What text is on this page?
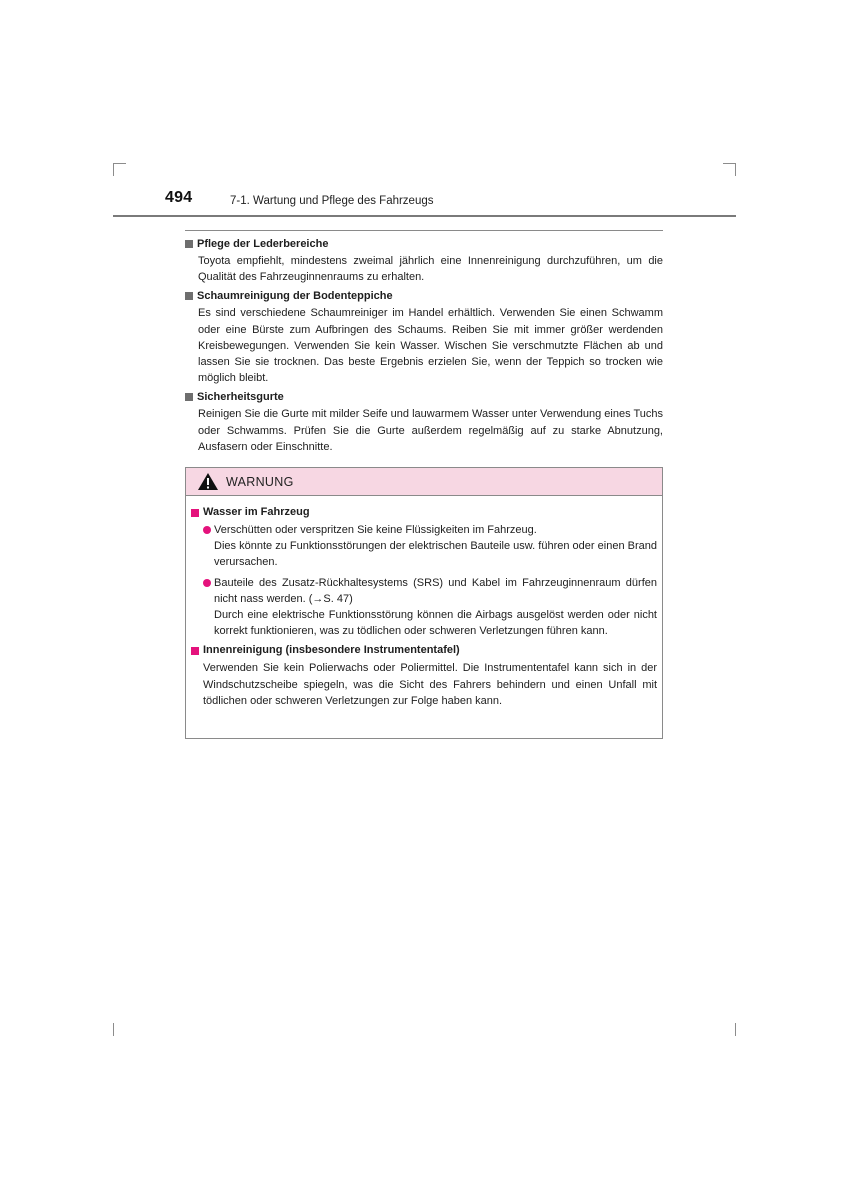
494	7-1. Wartung und Pflege des Fahrzeugs

Pflege der Lederbereiche

Toyota empfiehlt, mindestens zweimal jährlich eine Innenreinigung durchzuführen, um die Qualität des Fahrzeuginnenraums zu erhalten.

Schaumreinigung der Bodenteppiche

Es sind verschiedene Schaumreiniger im Handel erhältlich. Verwenden Sie einen Schwamm oder eine Bürste zum Aufbringen des Schaums. Reiben Sie mit immer größer werdenden Kreisbewegungen. Verwenden Sie kein Wasser. Wischen Sie verschmutzte Flächen ab und lassen Sie sie trocknen. Das beste Ergebnis erzielen Sie, wenn der Teppich so trocken wie möglich bleibt.

Sicherheitsgurte

Reinigen Sie die Gurte mit milder Seife und lauwarmem Wasser unter Verwendung eines Tuchs oder Schwamms. Prüfen Sie die Gurte außerdem regelmäßig auf zu starke Abnutzung, Ausfasern oder Einschnitte.

WARNUNG

Wasser im Fahrzeug

Verschütten oder verspritzen Sie keine Flüssigkeiten im Fahrzeug.

Dies könnte zu Funktionsstörungen der elektrischen Bauteile usw. führen oder einen Brand verursachen.

Bauteile des Zusatz-Rückhaltesystems (SRS) und Kabel im Fahrzeuginnenraum dürfen nicht nass werden. (→S. 47)

Durch eine elektrische Funktionsstörung können die Airbags ausgelöst werden oder nicht korrekt funktionieren, was zu tödlichen oder schweren Verletzungen führen kann.

Innenreinigung (insbesondere Instrumententafel)

Verwenden Sie kein Polierwachs oder Poliermittel. Die Instrumententafel kann sich in der Windschutzscheibe spiegeln, was die Sicht des Fahrers behindern und einen Unfall mit tödlichen oder schweren Verletzungen zur Folge haben kann.
